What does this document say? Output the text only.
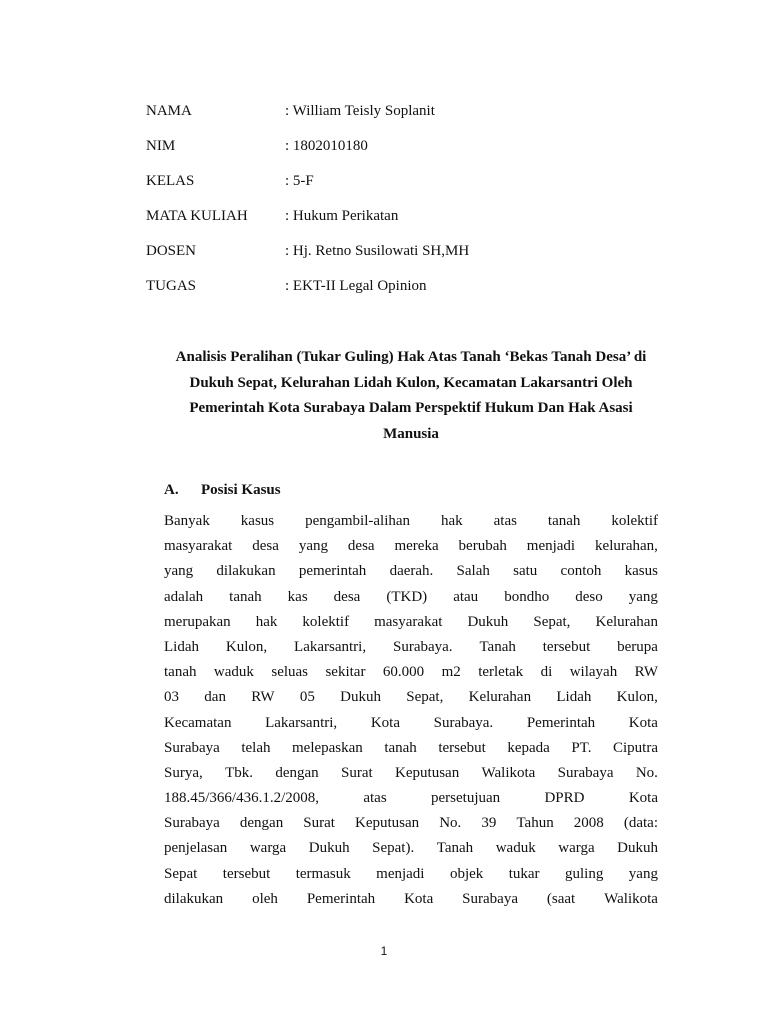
NAMA	: William Teisly Soplanit
NIM	: 1802010180
KELAS	: 5-F
MATA KULIAH	: Hukum Perikatan
DOSEN	: Hj. Retno Susilowati SH,MH
TUGAS	: EKT-II Legal Opinion
Analisis Peralihan (Tukar Guling) Hak Atas Tanah ‘Bekas Tanah Desa’ di
Dukuh Sepat, Kelurahan Lidah Kulon, Kecamatan Lakarsantri Oleh
Pemerintah Kota Surabaya Dalam Perspektif Hukum Dan Hak Asasi
Manusia
A.	Posisi Kasus
Banyak kasus pengambil-alihan hak atas tanah kolektif
masyarakat desa yang desa mereka berubah menjadi kelurahan,
yang dilakukan pemerintah daerah. Salah satu contoh kasus
adalah tanah kas desa (TKD) atau bondho deso yang
merupakan hak kolektif masyarakat Dukuh Sepat, Kelurahan
Lidah Kulon, Lakarsantri, Surabaya. Tanah tersebut berupa
tanah waduk seluas sekitar 60.000 m2 terletak di wilayah RW
03 dan RW 05 Dukuh Sepat, Kelurahan Lidah Kulon,
Kecamatan Lakarsantri, Kota Surabaya. Pemerintah Kota
Surabaya telah melepaskan tanah tersebut kepada PT. Ciputra
Surya, Tbk. dengan Surat Keputusan Walikota Surabaya No.
188.45/366/436.1.2/2008,	atas	persetujuan	DPRD	Kota
Surabaya dengan Surat Keputusan No. 39 Tahun 2008 (data:
penjelasan warga Dukuh Sepat). Tanah waduk warga Dukuh
Sepat tersebut termasuk menjadi objek tukar guling yang
dilakukan oleh Pemerintah Kota Surabaya (saat Walikota
1
